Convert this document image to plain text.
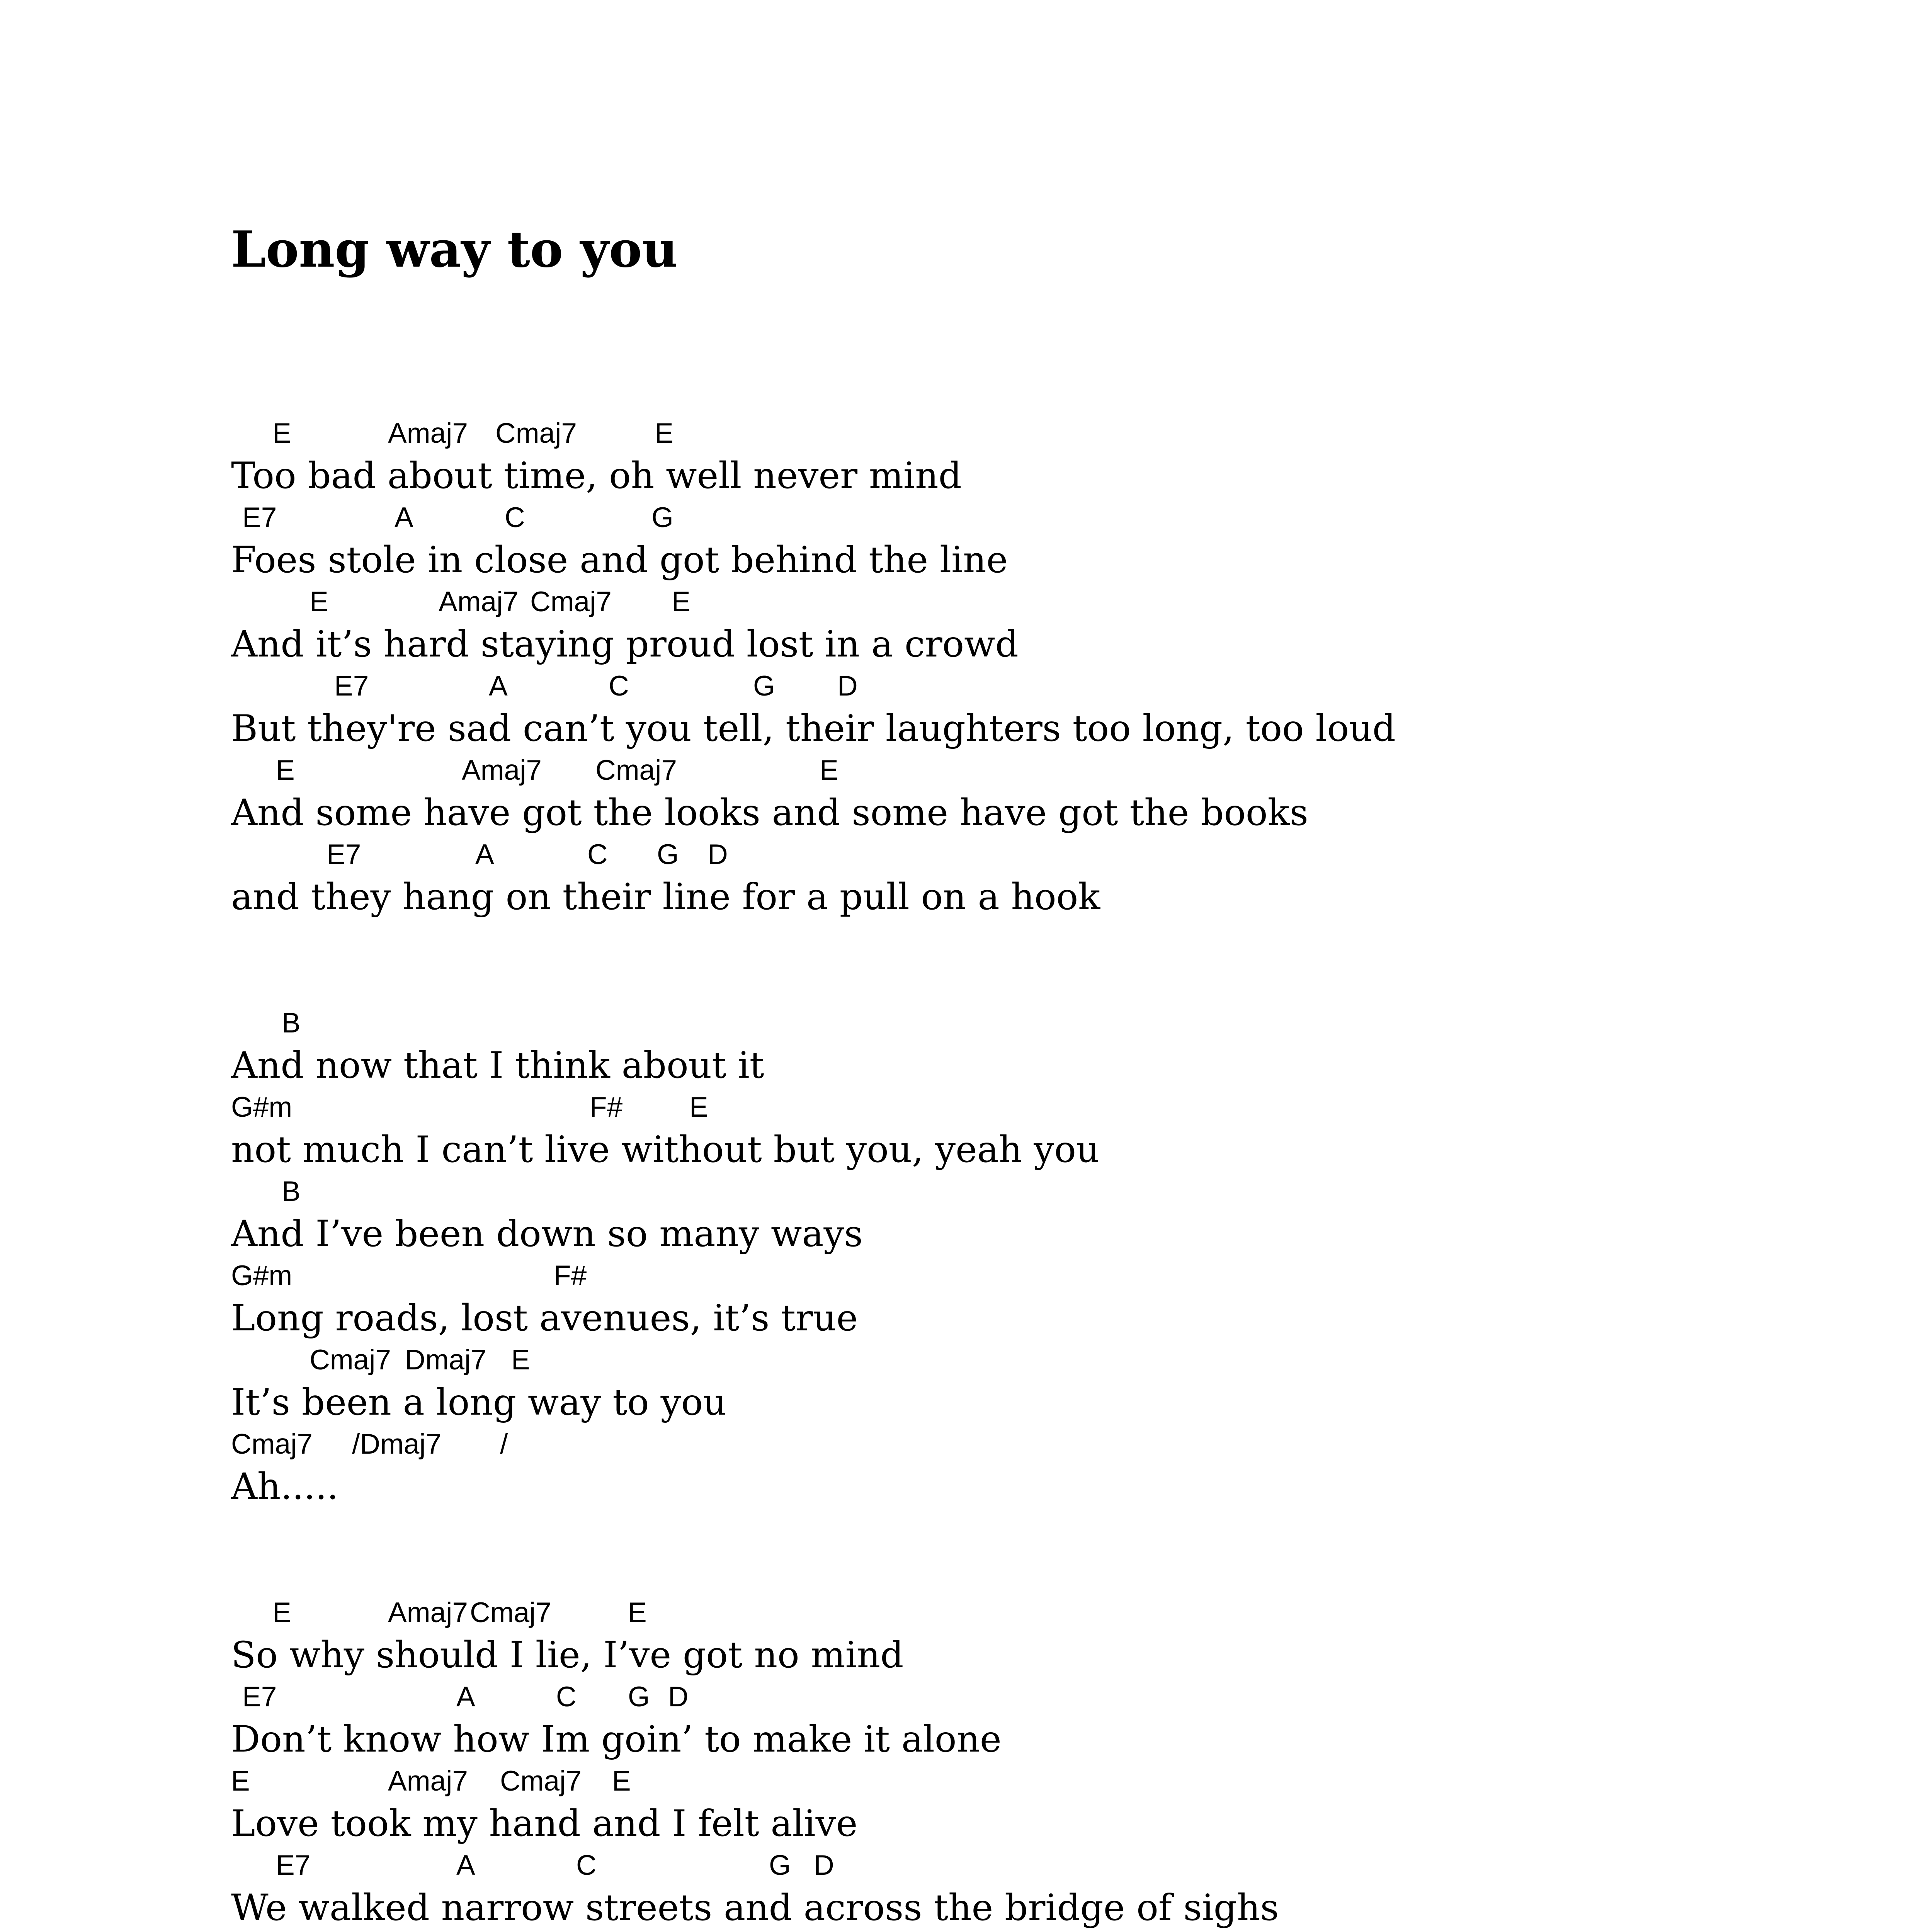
Long way to you
E	Amaj7 Cmaj7	E
Too bad about time, oh well never mind
E7	A	C	G
Foes stole in close and got behind the line
E	Amaj7 Cmaj7 E
And it’s hard staying proud lost in a crowd
E7	A	C	G D
But they're sad can’t you tell, their laughters too long, too loud
E	Amaj7 Cmaj7	E
And some have got the looks and some have got the books
E7	A	C G D
and they hang on their line for a pull on a hook
B
And now that I think about it
G#m	F# E
not much I can’t live without but you, yeah you
B
And I’ve been down so many ways
G#m	F#
Long roads, lost avenues, it’s true
Cmaj7 Dmaj7 E
It’s been a long way to you
Cmaj7 /Dmaj7 /
Ah.....
E	Amaj7 Cmaj7	E
So why should I lie, I’ve got no mind
E7	A	C G D
Don’t know how Im goin’ to make it alone
E	Amaj7 Cmaj7 E
Love took my hand and I felt alive
E7	A	C	G D
We walked narrow streets and across the bridge of sighs
